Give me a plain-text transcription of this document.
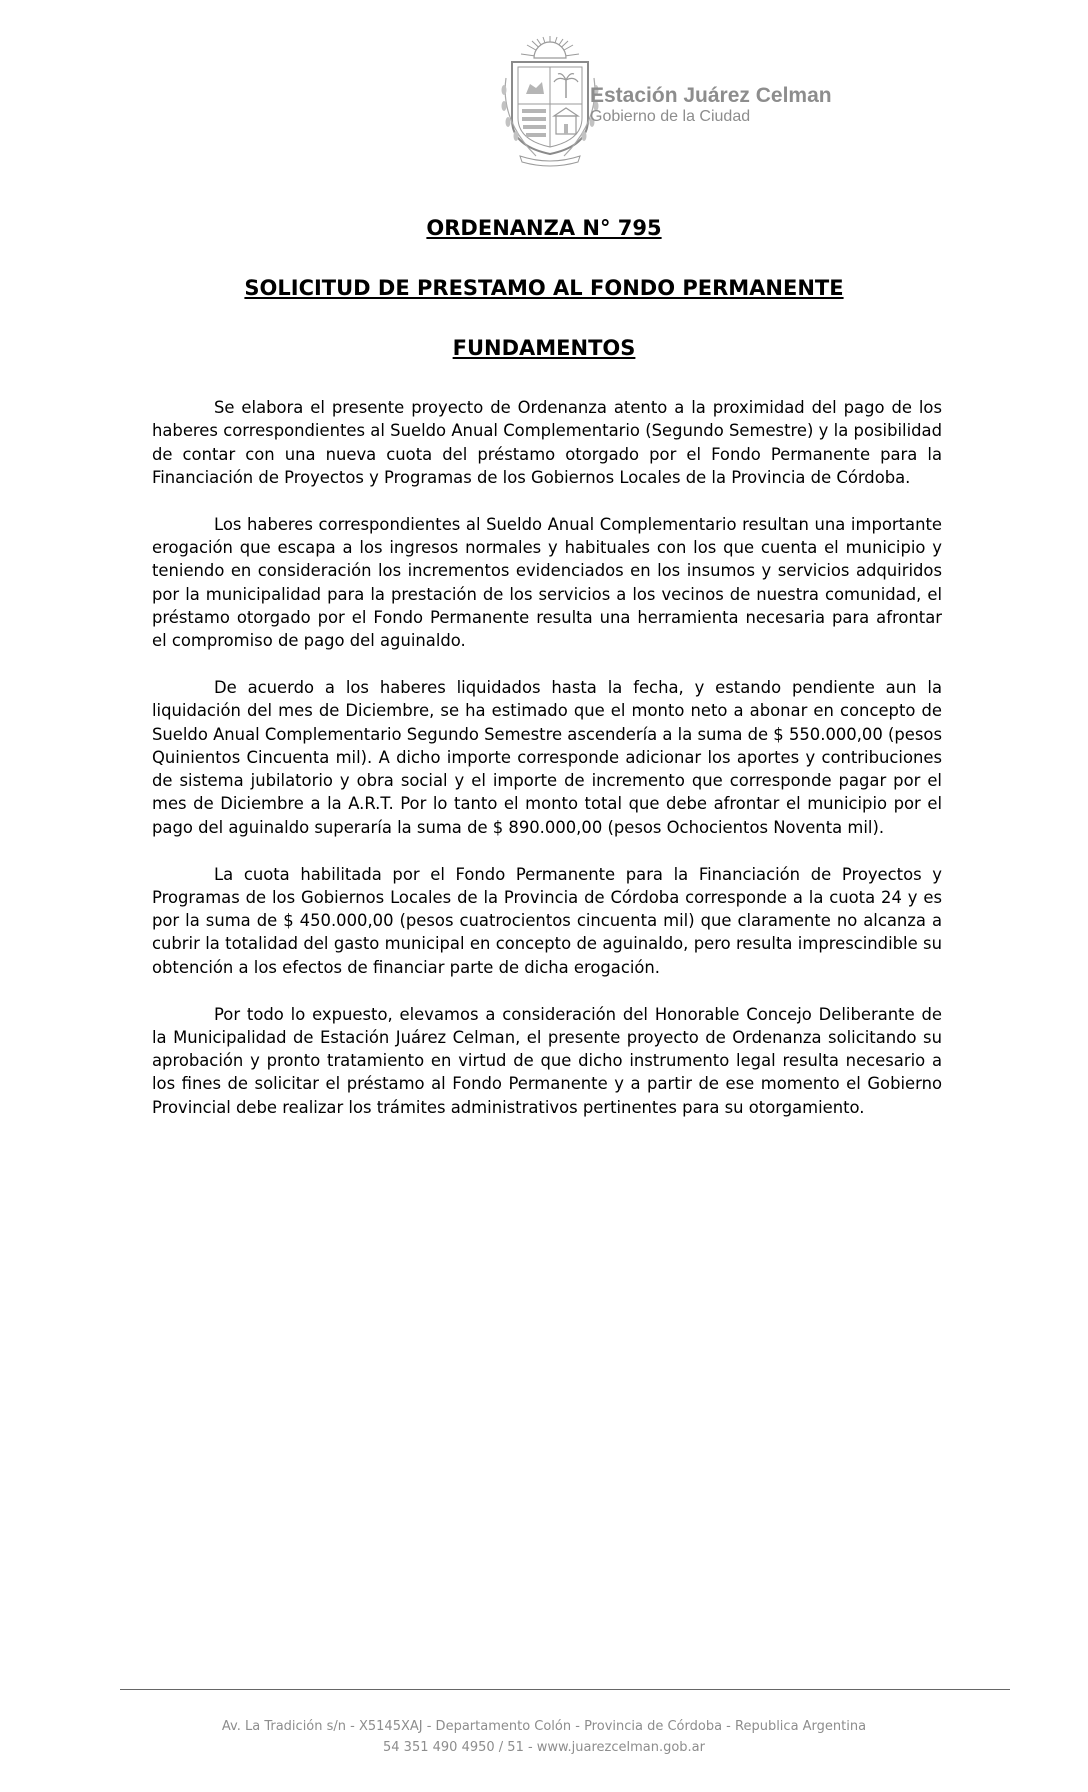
Estación Juárez Celman
Gobierno de la Ciudad
ORDENANZA N° 795
SOLICITUD DE PRESTAMO AL FONDO PERMANENTE
FUNDAMENTOS

Se elabora el presente proyecto de Ordenanza atento a la proximidad del pago de los haberes correspondientes al Sueldo Anual Complementario (Segundo Semestre) y la posibilidad de contar con una nueva cuota del préstamo otorgado por el Fondo Permanente para la Financiación de Proyectos y Programas de los Gobiernos Locales de la Provincia de Córdoba.

Los haberes correspondientes al Sueldo Anual Complementario resultan una importante erogación que escapa a los ingresos normales y habituales con los que cuenta el municipio y teniendo en consideración los incrementos evidenciados en los insumos y servicios adquiridos por la municipalidad para la prestación de los servicios a los vecinos de nuestra comunidad, el préstamo otorgado por el Fondo Permanente resulta una herramienta necesaria para afrontar el compromiso de pago del aguinaldo.

De acuerdo a los haberes liquidados hasta la fecha, y estando pendiente aun la liquidación del mes de Diciembre, se ha estimado que el monto neto a abonar en concepto de Sueldo Anual Complementario Segundo Semestre ascendería a la suma de $ 550.000,00 (pesos Quinientos Cincuenta mil). A dicho importe corresponde adicionar los aportes y contribuciones de sistema jubilatorio y obra social y el importe de incremento que corresponde pagar por el mes de Diciembre a la A.R.T. Por lo tanto el monto total que debe afrontar el municipio por el pago del aguinaldo superaría la suma de $ 890.000,00 (pesos Ochocientos Noventa mil).

La cuota habilitada por el Fondo Permanente para la Financiación de Proyectos y Programas de los Gobiernos Locales de la Provincia de Córdoba corresponde a la cuota 24 y es por la suma de $ 450.000,00 (pesos cuatrocientos cincuenta mil) que claramente no alcanza a cubrir la totalidad del gasto municipal en concepto de aguinaldo, pero resulta imprescindible su obtención a los efectos de financiar parte de dicha erogación.

Por todo lo expuesto, elevamos a consideración del Honorable Concejo Deliberante de la Municipalidad de Estación Juárez Celman, el presente proyecto de Ordenanza solicitando su aprobación y pronto tratamiento en virtud de que dicho instrumento legal resulta necesario a los fines de solicitar el préstamo al Fondo Permanente y a partir de ese momento el Gobierno Provincial debe realizar los trámites administrativos pertinentes para su otorgamiento.

Av. La Tradición s/n - X5145XAJ - Departamento Colón - Provincia de Córdoba - Republica Argentina
54 351 490 4950 / 51 - www.juarezcelman.gob.ar
